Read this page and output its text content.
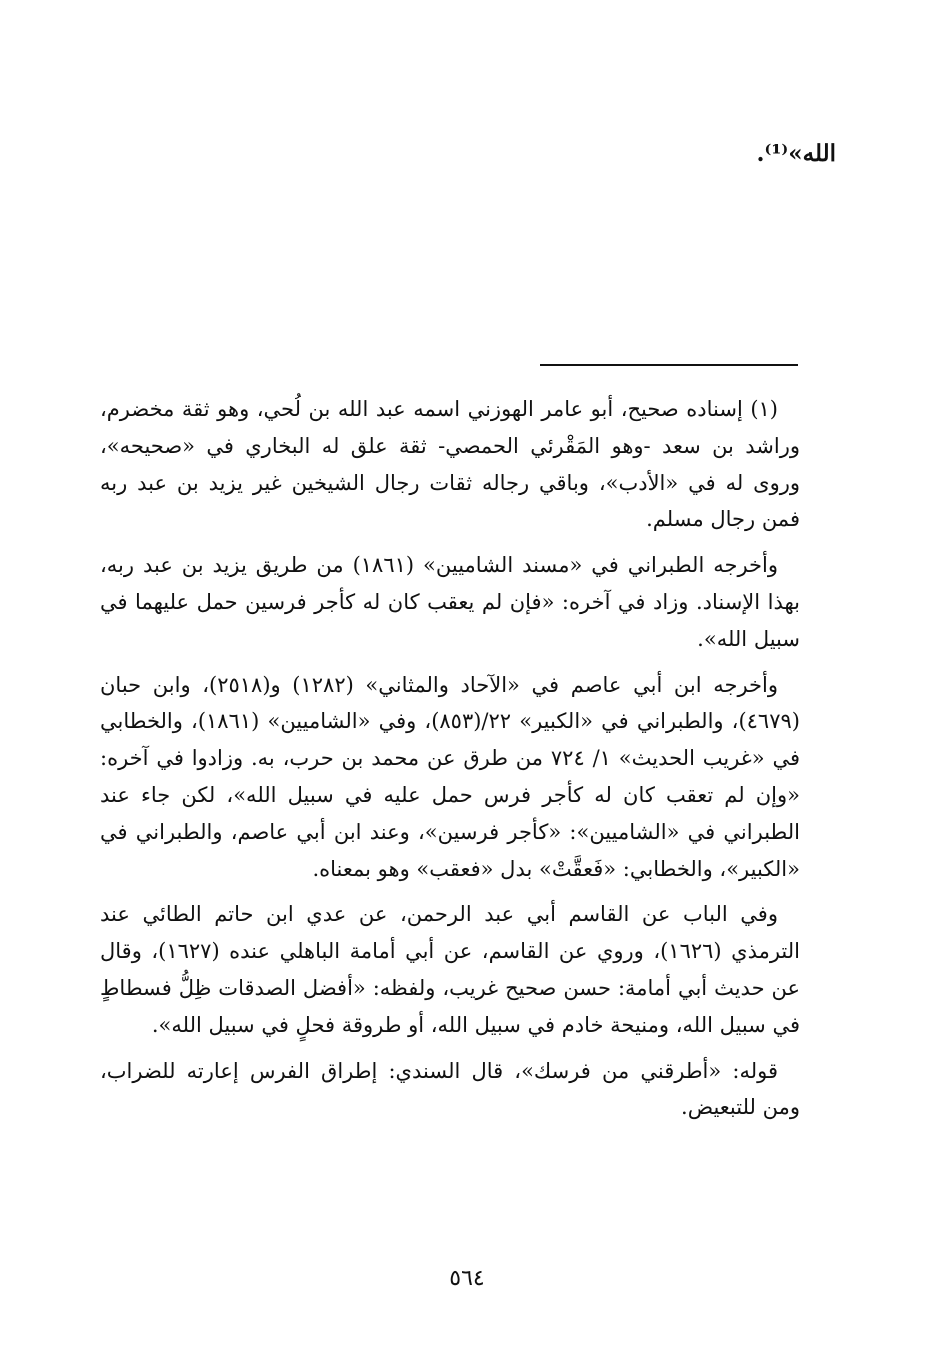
الله»⁽¹⁾.

(١) إسناده صحيح، أبو عامر الهوزني اسمه عبد الله بن لُحي، وهو ثقة مخضرم، وراشد بن سعد -وهو المَقْرئي الحمصي- ثقة علق له البخاري في «صحيحه»، وروى له في «الأدب»، وباقي رجاله ثقات رجال الشيخين غير يزيد بن عبد ربه فمن رجال مسلم.

وأخرجه الطبراني في «مسند الشاميين» (١٨٦١) من طريق يزيد بن عبد ربه، بهذا الإسناد. وزاد في آخره: «فإن لم يعقب كان له كأجر فرسين حمل عليهما في سبيل الله».

وأخرجه ابن أبي عاصم في «الآحاد والمثاني» (١٢٨٢) و(٢٥١٨)، وابن حبان (٤٦٧٩)، والطبراني في «الكبير» ٢٢/(٨٥٣)، وفي «الشاميين» (١٨٦١)، والخطابي في «غريب الحديث» ١/ ٧٢٤ من طرق عن محمد بن حرب، به. وزادوا في آخره: «وإن لم تعقب كان له كأجر فرس حمل عليه في سبيل الله»، لكن جاء عند الطبراني في «الشاميين»: «كأجر فرسين»، وعند ابن أبي عاصم، والطبراني في «الكبير»، والخطابي: «فَعقَّتْ» بدل «فعقب» وهو بمعناه.

وفي الباب عن القاسم أبي عبد الرحمن، عن عدي ابن حاتم الطائي عند الترمذي (١٦٢٦)، وروي عن القاسم، عن أبي أمامة الباهلي عنده (١٦٢٧)، وقال عن حديث أبي أمامة: حسن صحيح غريب، ولفظه: «أفضل الصدقات ظِلُّ فسطاطٍ في سبيل الله، ومنيحة خادم في سبيل الله، أو طروقة فحلٍ في سبيل الله».

قوله: «أطرقني من فرسك»، قال السندي: إطراق الفرس إعارته للضراب، ومن للتبعيض.

٥٦٤
